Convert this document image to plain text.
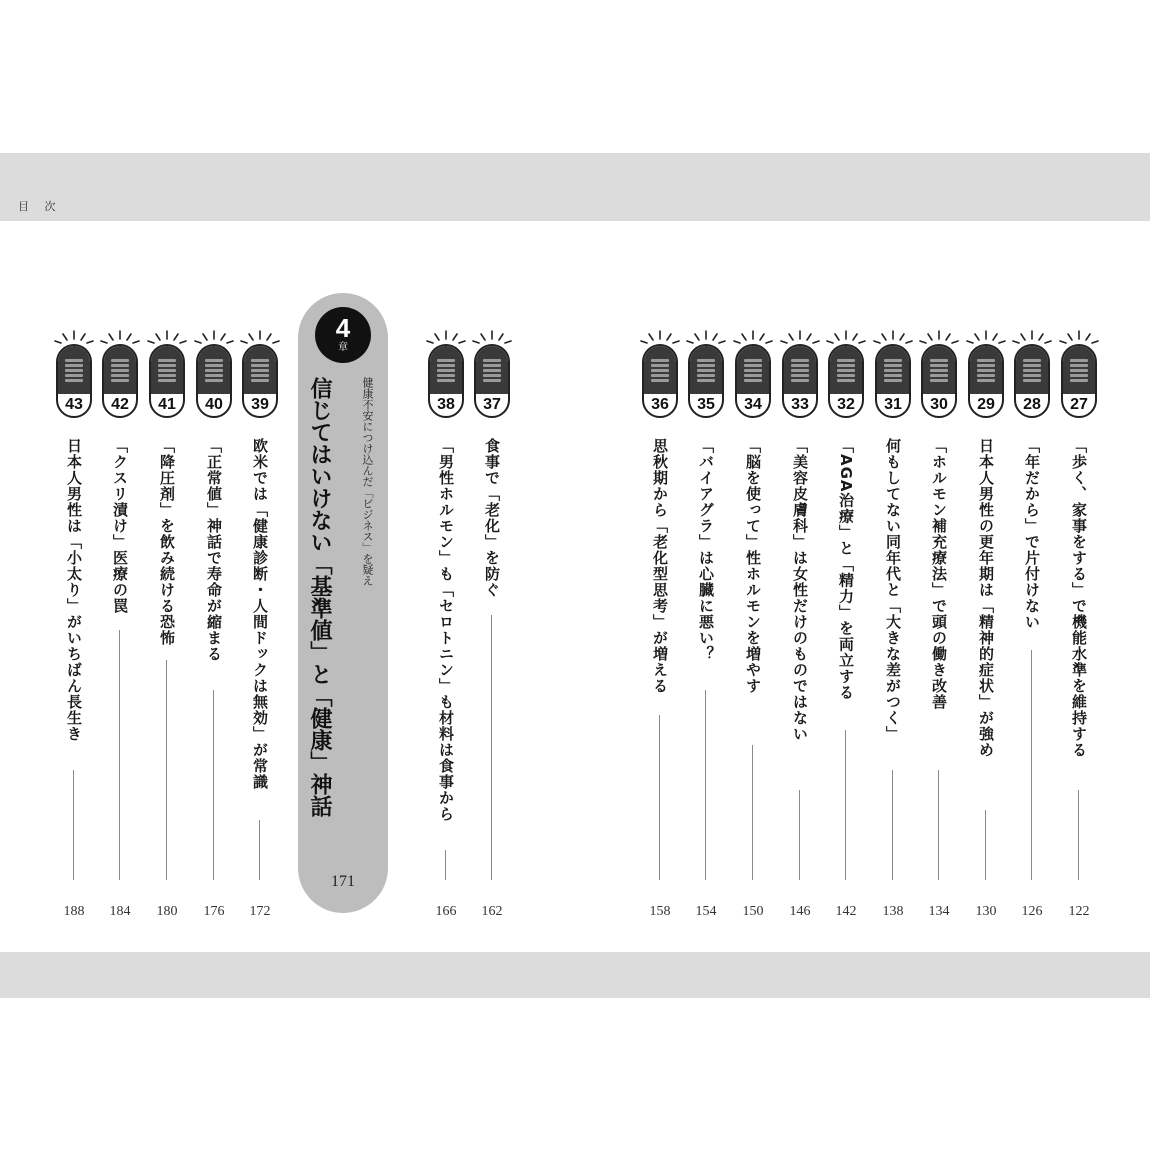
目 次
4
章
健康不安につけ込んだ「ビジネス」を疑え
信じてはいけない「基準値」と「健康」神話
171
43
日本人男性は「小太り」がいちばん長生き
188
42
「クスリ漬け」医療の罠
184
41
「降圧剤」を飲み続ける恐怖
180
40
「正常値」神話で寿命が縮まる
176
39
欧米では「健康診断・人間ドックは無効」が常識
172
38
「男性ホルモン」も「セロトニン」も材料は食事から
166
37
食事で「老化」を防ぐ
162
36
思秋期から「老化型思考」が増える
158
35
「バイアグラ」は心臓に悪い？
154
34
「脳を使って」性ホルモンを増やす
150
33
「美容皮膚科」は女性だけのものではない
146
32
「AGA治療」と「精力」を両立する
142
31
何もしてない同年代と「大きな差がつく」
138
30
「ホルモン補充療法」で頭の働き改善
134
29
日本人男性の更年期は「精神的症状」が強め
130
28
「年だから」で片付けない
126
27
「歩く、家事をする」で機能水準を維持する
122
